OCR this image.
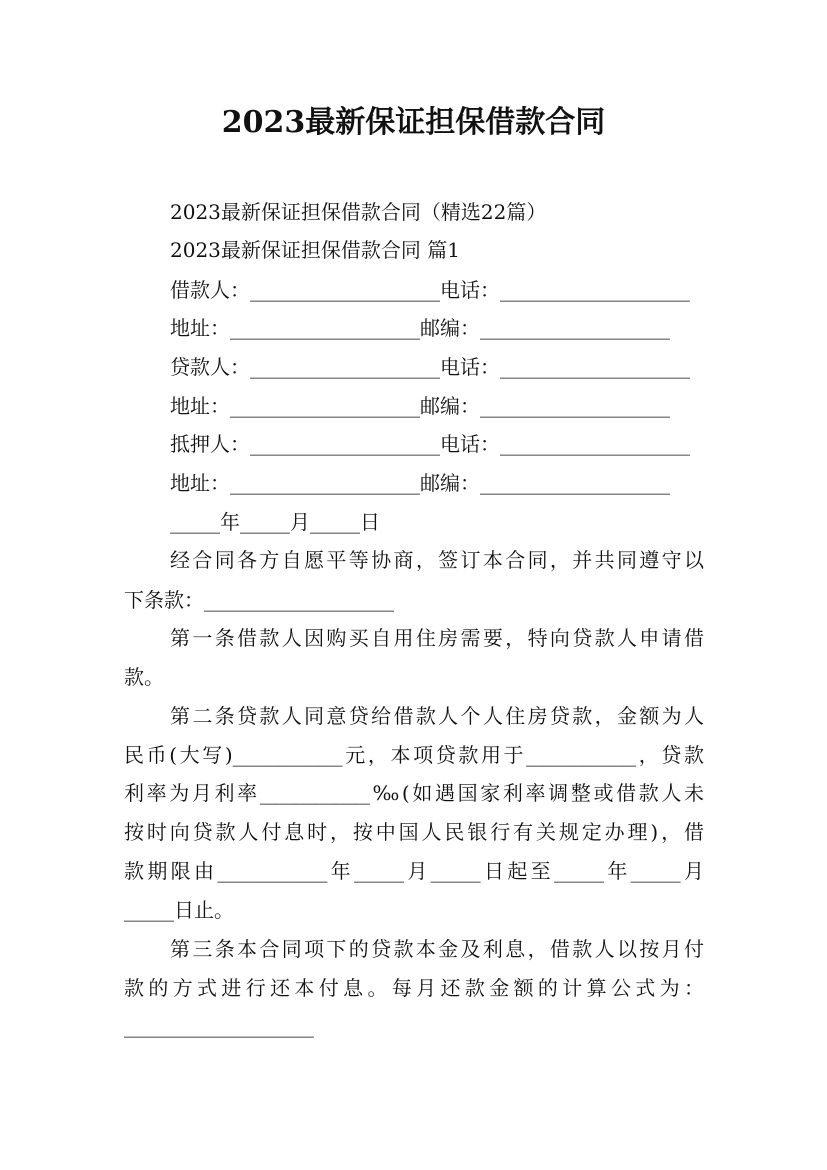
2023最新保证担保借款合同
2023最新保证担保借款合同（精选22篇）
2023最新保证担保借款合同 篇1
借款人：___________________电话：___________________
地址：___________________邮编：___________________
贷款人：___________________电话：___________________
地址：___________________邮编：___________________
抵押人：___________________电话：___________________
地址：___________________邮编：___________________
_____年_____月_____日
经合同各方自愿平等协商，签订本合同，并共同遵守以
下条款：___________________
第一条借款人因购买自用住房需要，特向贷款人申请借
款。
第二条贷款人同意贷给借款人个人住房贷款，金额为人
民币(大写)___________元，本项贷款用于___________，贷款
利率为月利率___________‰(如遇国家利率调整或借款人未
按时向贷款人付息时，按中国人民银行有关规定办理)，借
款期限由___________年_____月_____日起至_____年_____月
_____日止。
第三条本合同项下的贷款本金及利息，借款人以按月付
款的方式进行还本付息。每月还款金额的计算公式为：
___________________
